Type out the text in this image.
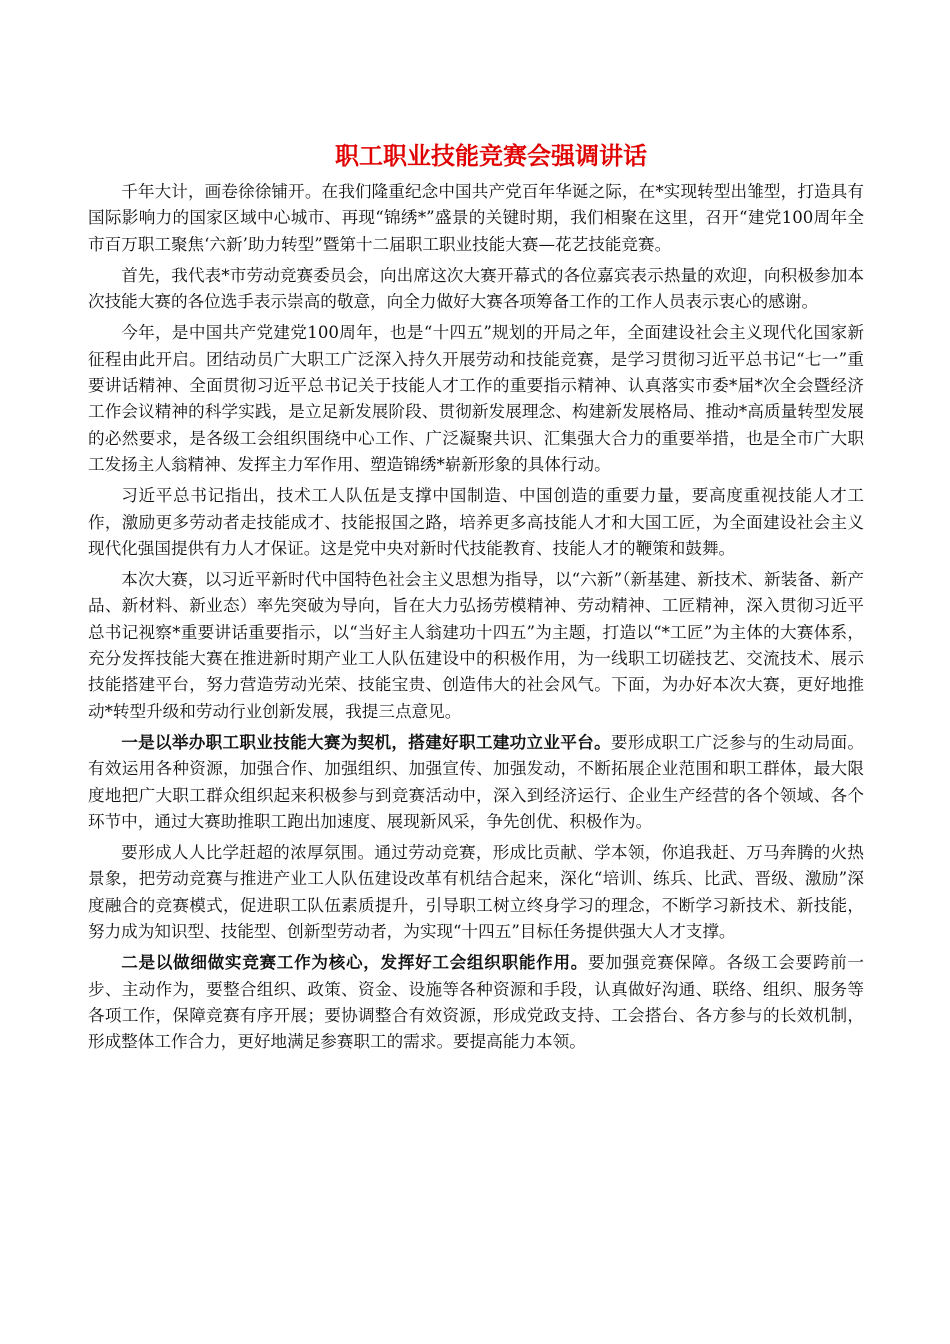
职工职业技能竞赛会强调讲话

千年大计，画卷徐徐铺开。在我们隆重纪念中国共产党百年华诞之际，在*实现转型出雏型，打造具有国际影响力的国家区域中心城市、再现“锦绣*”盛景的关键时期，我们相聚在这里，召开“建党100周年全市百万职工聚焦‘六新’助力转型”暨第十二届职工职业技能大赛—花艺技能竞赛。

首先，我代表*市劳动竞赛委员会，向出席这次大赛开幕式的各位嘉宾表示热量的欢迎，向积极参加本次技能大赛的各位选手表示崇高的敬意，向全力做好大赛各项筹备工作的工作人员表示衷心的感谢。

今年，是中国共产党建党100周年，也是“十四五”规划的开局之年，全面建设社会主义现代化国家新征程由此开启。团结动员广大职工广泛深入持久开展劳动和技能竞赛，是学习贯彻习近平总书记“七一”重要讲话精神、全面贯彻习近平总书记关于技能人才工作的重要指示精神、认真落实市委*届*次全会暨经济工作会议精神的科学实践，是立足新发展阶段、贯彻新发展理念、构建新发展格局、推动*高质量转型发展的必然要求，是各级工会组织围绕中心工作、广泛凝聚共识、汇集强大合力的重要举措，也是全市广大职工发扬主人翁精神、发挥主力军作用、塑造锦绣*崭新形象的具体行动。

习近平总书记指出，技术工人队伍是支撑中国制造、中国创造的重要力量，要高度重视技能人才工作，激励更多劳动者走技能成才、技能报国之路，培养更多高技能人才和大国工匠，为全面建设社会主义现代化强国提供有力人才保证。这是党中央对新时代技能教育、技能人才的鞭策和鼓舞。

本次大赛，以习近平新时代中国特色社会主义思想为指导，以“六新”（新基建、新技术、新装备、新产品、新材料、新业态）率先突破为导向，旨在大力弘扬劳模精神、劳动精神、工匠精神，深入贯彻习近平总书记视察*重要讲话重要指示，以“当好主人翁建功十四五”为主题，打造以“*工匠”为主体的大赛体系，充分发挥技能大赛在推进新时期产业工人队伍建设中的积极作用，为一线职工切磋技艺、交流技术、展示技能搭建平台，努力营造劳动光荣、技能宝贵、创造伟大的社会风气。下面，为办好本次大赛，更好地推动*转型升级和劳动行业创新发展，我提三点意见。

一是以举办职工职业技能大赛为契机，搭建好职工建功立业平台。要形成职工广泛参与的生动局面。有效运用各种资源，加强合作、加强组织、加强宣传、加强发动，不断拓展企业范围和职工群体，最大限度地把广大职工群众组织起来积极参与到竞赛活动中，深入到经济运行、企业生产经营的各个领域、各个环节中，通过大赛助推职工跑出加速度、展现新风采，争先创优、积极作为。

要形成人人比学赶超的浓厚氛围。通过劳动竞赛，形成比贡献、学本领，你追我赶、万马奔腾的火热景象，把劳动竞赛与推进产业工人队伍建设改革有机结合起来，深化“培训、练兵、比武、晋级、激励”深度融合的竞赛模式，促进职工队伍素质提升，引导职工树立终身学习的理念，不断学习新技术、新技能，努力成为知识型、技能型、创新型劳动者，为实现“十四五”目标任务提供强大人才支撑。

二是以做细做实竞赛工作为核心，发挥好工会组织职能作用。要加强竞赛保障。各级工会要跨前一步、主动作为，要整合组织、政策、资金、设施等各种资源和手段，认真做好沟通、联络、组织、服务等各项工作，保障竞赛有序开展；要协调整合有效资源，形成党政支持、工会搭台、各方参与的长效机制，形成整体工作合力，更好地满足参赛职工的需求。要提高能力本领。
